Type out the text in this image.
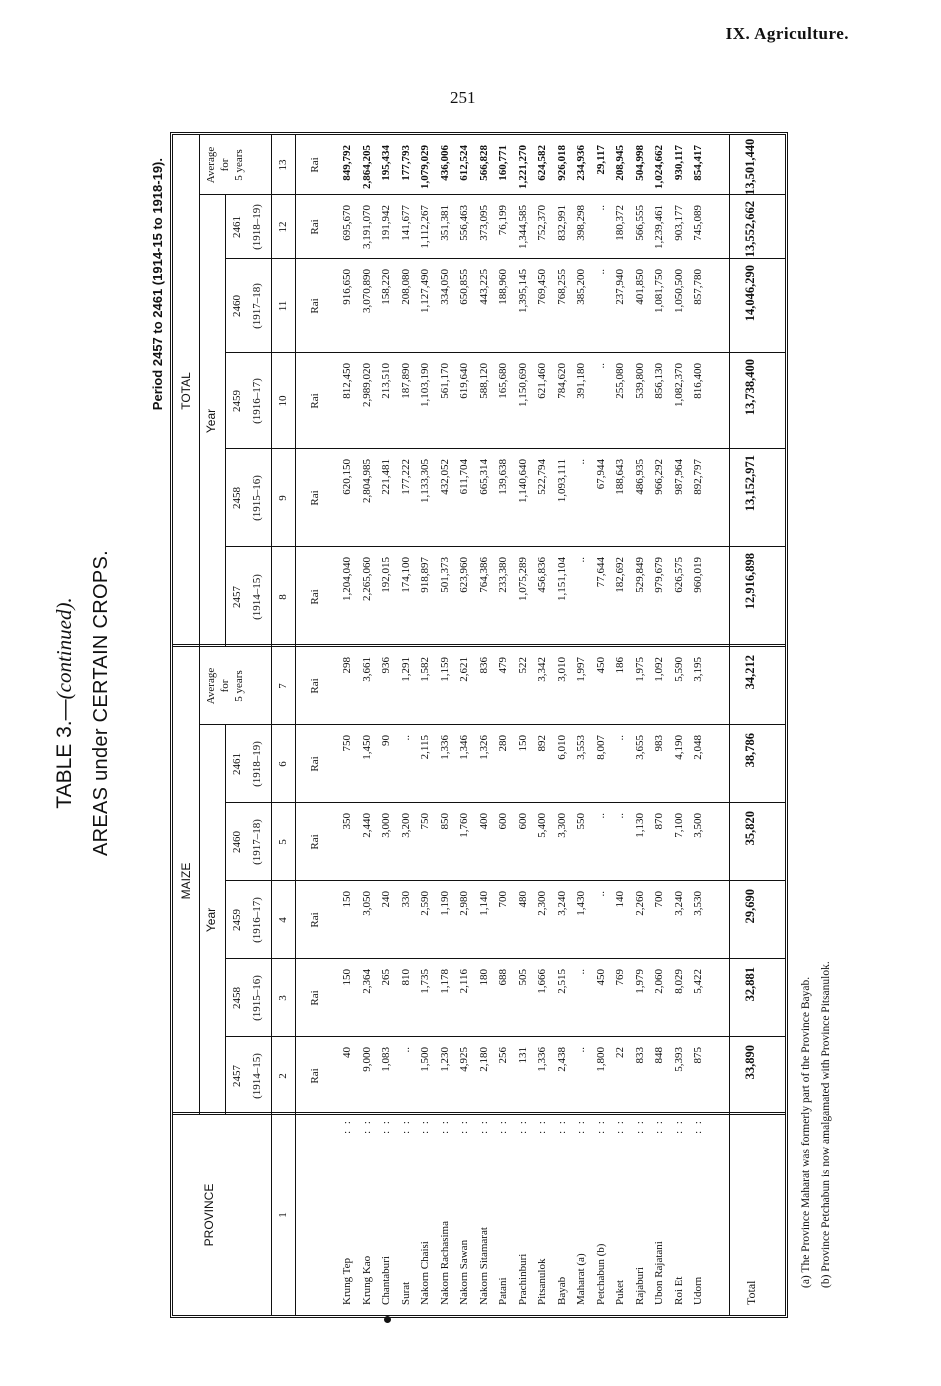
IX. Agriculture.
251
TABLE 3.—(continued). AREAS under CERTAIN CROPS.
Period 2457 to 2461 (1914-15 to 1918-19).
PROVINCE
MAIZE
TOTAL
Year
Year
Average for 5 years
Average for 5 years
2457 (1914–15)
2457 (1914–15)
2458 (1915–16)
2458 (1915–16)
2459 (1916–17)
2459 (1916–17)
2460 (1917–18)
2460 (1917–18)
2461 (1918–19)
2461 (1918–19)
1
2
3
4
5
6
7
8
9
10
11
12
13
Rai
Rai
Rai
Rai
Rai
Rai
Rai
Rai
Rai
Rai
Rai
Rai
Krung Tep
: :
Krung Kao
: :
Chantaburi
: :
Surat
: :
Nakorn Chaisi
: :
Nakorn Rachasima
: :
Nakorn Sawan
: :
Nakorn Sitamarat
: :
Patani
: :
Prachinburi
: :
Pitsanulok
: :
Bayab
: :
Maharat (a)
: :
Petchabun (b)
: :
Puket
: :
Rajaburi
: :
Ubon Rajatani
: :
Roi Et
: :
Udorn
: :
40 9,000 1,083 .. 1,500 1,230 4,925 2,180 256 131 1,336 2,438 .. 1,800 22 833 848 5,393 875
1,204,040 2,265,060 192,015 174,100 918,897 501,373 623,960 764,386 233,380 1,075,289 456,836 1,151,104 .. 77,644 182,692 529,849 979,679 626,575 960,019
150 2,364 265 810 1,735 1,178 2,116 180 688 505 1,666 2,515 .. 450 769 1,979 2,060 8,029 5,422
620,150 2,804,985 221,481 177,222 1,133,305 432,052 611,704 665,314 139,638 1,140,640 522,794 1,093,111 .. 67,944 188,643 486,935 966,292 987,964 892,797
150 3,050 240 330 2,590 1,190 2,980 1,140 700 480 2,300 3,240 1,430 .. 140 2,260 700 3,240 3,530
812,450 2,989,020 213,510 187,890 1,103,190 561,170 619,640 588,120 165,680 1,150,690 621,460 784,620 391,180 .. 255,080 539,800 856,130 1,082,370 816,400
350 2,440 3,000 3,200 750 850 1,760 400 600 600 5,400 3,300 550 .. .. 1,130 870 7,100 3,500
916,650 3,070,890 158,220 208,080 1,127,490 334,050 650,855 443,225 188,960 1,395,145 769,450 768,255 385,200 .. 237,940 401,850 1,081,750 1,050,500 857,780
750 1,450 90 .. 2,115 1,336 1,346 1,326 280 150 892 6,010 3,553 8,007 .. 3,655 983 4,190 2,048
695,670 3,191,070 191,942 141,677 1,112,267 351,381 556,463 373,095 76,199 1,344,585 752,370 832,991 398,298 .. 180,372 566,555 1,239,461 903,177 745,089
298 3,661 936 1,291 1,582 1,159 2,621 836 479 522 3,342 3,010 1,997 450 186 1,975 1,092 5,590 3,195
849,792 2,864,205 195,434 177,793 1,079,029 436,006 612,524 566,828 160,771 1,221,270 624,582 926,018 234,936 29,117 208,945 504,998 1,024,662 930,117 854,417
Total
33,890
12,916,898
32,881
13,152,971
29,690
13,738,400
35,820
14,046,290
38,786
13,552,662
34,212
13,501,440
(a) The Province Maharat was formerly part of the Province Bayab. (b) Province Petchabun is now amalgamated with Province Pitsanulok.
